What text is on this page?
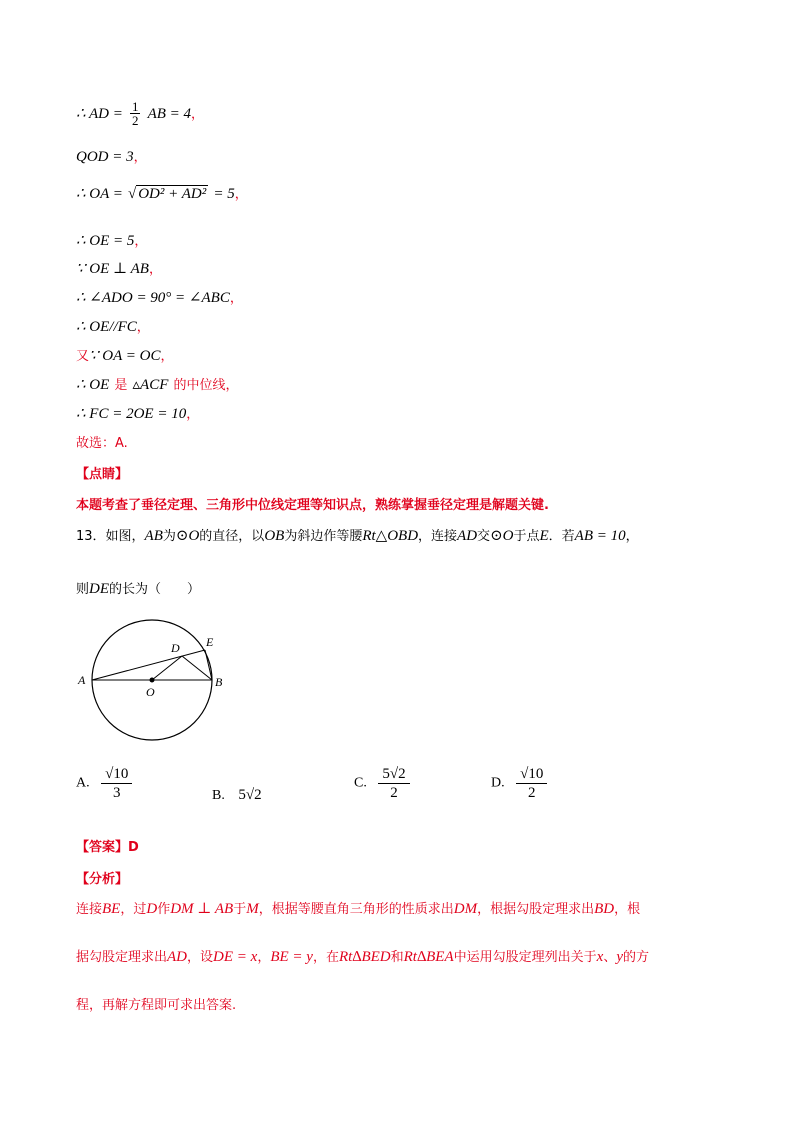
∴ AD = $\frac{1}{2}$ AB = 4，
QOD = 3，
∴ OA = √ OD² + AD² = 5，
∴ OE = 5，
∵ OE ⊥ AB，
∴ ∠ADO = 90° = ∠ABC，
∴ OE//FC，
又∵ OA = OC，
∴ OE 是 ▵ACF 的中位线，
∴ FC = 2OE = 10，
故选：A.
【点睛】
本题考查了垂径定理、三角形中位线定理等知识点，熟练掌握垂径定理是解题关键.
13．如图，AB为⊙O的直径，以OB为斜边作等腰Rt△OBD，连接AD交⊙O于点E．若AB = 10，
则DE的长为（　　）
A	B
O
D E
A. $\frac{√10}{3}$	B. 5√2
C. $\frac{5√2}{2}$	D. $\frac{√10}{2}$
【答案】D
【分析】
连接BE，过D作DM ⊥ AB于M，根据等腰直角三角形的性质求出DM，根据勾股定理求出BD，根
据勾股定理求出AD，设DE = x，BE = y，在Rt∆BED和Rt∆BEA中运用勾股定理列出关于x、y的方
程，再解方程即可求出答案.
